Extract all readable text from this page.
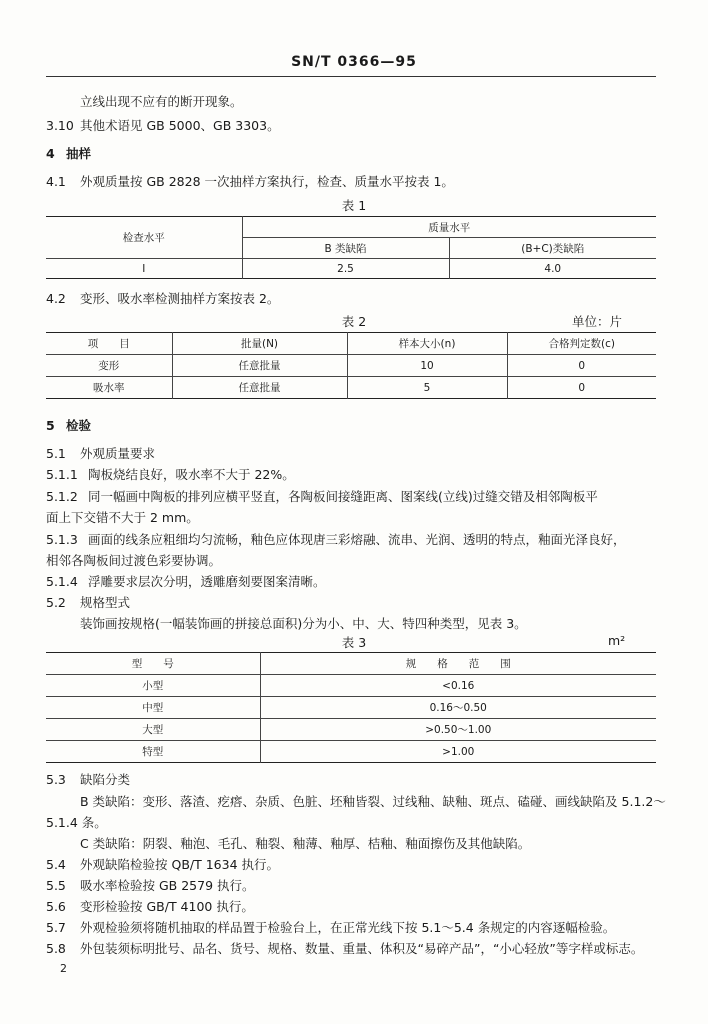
SN/T 0366—95
立线出现不应有的断开现象。
3.10 其他术语见 GB 5000、GB 3303。
4 抽样
4.1 外观质量按 GB 2828 一次抽样方案执行，检查、质量水平按表 1。
表 1
检查水平	质量水平	
	B 类缺陷	(B+C)类缺陷
I	2.5	4.0
4.2 变形、吸水率检测抽样方案按表 2。
表 2	单位：片
项　　目	批量(N)	样本大小(n)	合格判定数(c)
变形	任意批量	10	0
吸水率	任意批量	5	0
5 检验
5.1 外观质量要求
5.1.1 陶板烧结良好，吸水率不大于 22%。
5.1.2 同一幅画中陶板的排列应横平竖直，各陶板间接缝距离、图案线(立线)过缝交错及相邻陶板平
面上下交错不大于 2 mm。
5.1.3 画面的线条应粗细均匀流畅，釉色应体现唐三彩熔融、流串、光润、透明的特点，釉面光泽良好，
相邻各陶板间过渡色彩要协调。
5.1.4 浮雕要求层次分明，透雕磨刻要图案清晰。
5.2 规格型式
装饰画按规格(一幅装饰画的拼接总面积)分为小、中、大、特四种类型，见表 3。
表 3	m²
型　　号	规　　格　　范　　围
小型	<0.16
中型	0.16～0.50
大型	>0.50～1.00
特型	>1.00
5.3 缺陷分类
B 类缺陷：变形、落渣、疙瘩、杂质、色脏、坯釉皆裂、过线釉、缺釉、斑点、磕碰、画线缺陷及 5.1.2～
5.1.4 条。
C 类缺陷：阴裂、釉泡、毛孔、釉裂、釉薄、釉厚、桔釉、釉面擦伤及其他缺陷。
5.4 外观缺陷检验按 QB/T 1634 执行。
5.5 吸水率检验按 GB 2579 执行。
5.6 变形检验按 GB/T 4100 执行。
5.7 外观检验须将随机抽取的样品置于检验台上，在正常光线下按 5.1～5.4 条规定的内容逐幅检验。
5.8 外包装须标明批号、品名、货号、规格、数量、重量、体积及“易碎产品”，“小心轻放”等字样或标志。
2
